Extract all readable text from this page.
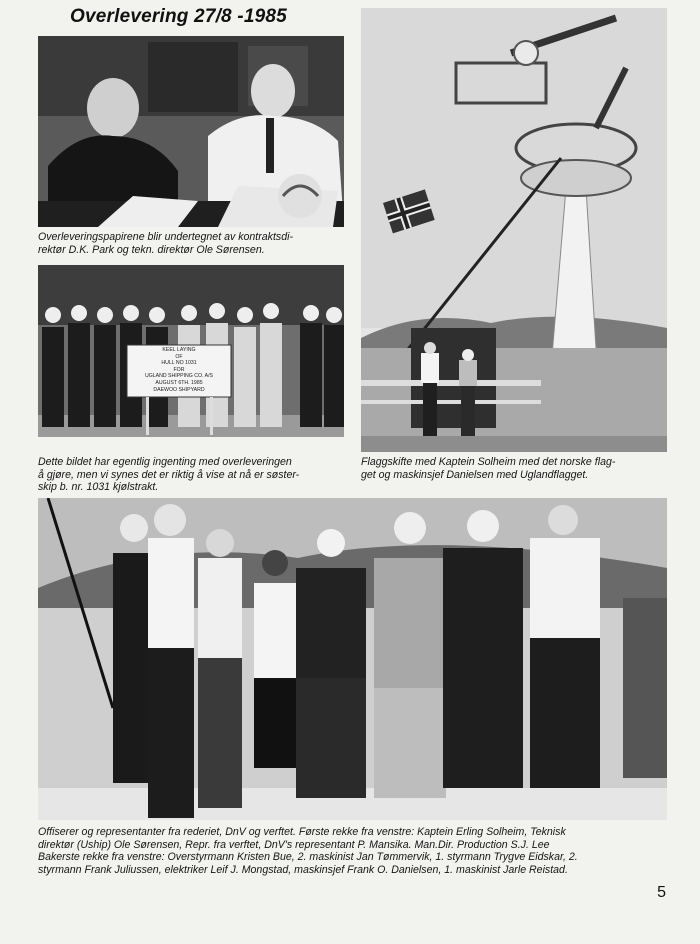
Overlevering 27/8 -1985
Overleveringspapirene blir undertegnet av kontraktsdi-
rektør D.K. Park og tekn. direktør Ole Sørensen.
KEEL LAYING
OF
HULL NO 1031
FOR
UGLAND SHIPPING CO. A/S
AUGUST 6TH. 1985
DAEWOO SHIPYARD
Dette bildet har egentlig ingenting med overleveringen
å gjøre, men vi synes det er riktig å vise at nå er søster-
skip b. nr. 1031 kjølstrakt.
Flaggskifte med Kaptein Solheim med det norske flag-
get og maskinsjef Danielsen med Uglandflagget.
Offiserer og representanter fra rederiet, DnV og verftet. Første rekke fra venstre: Kaptein Erling Solheim, Teknisk
direktør (Uship) Ole Sørensen, Repr. fra verftet, DnV's representant P. Mansika. Man.Dir. Production S.J. Lee
Bakerste rekke fra venstre: Overstyrmann Kristen Bue, 2. maskinist Jan Tømmervik, 1. styrmann Trygve Eidskar, 2.
styrmann Frank Juliussen, elektriker Leif J. Mongstad, maskinsjef Frank O. Danielsen, 1. maskinist Jarle Reistad.
5
